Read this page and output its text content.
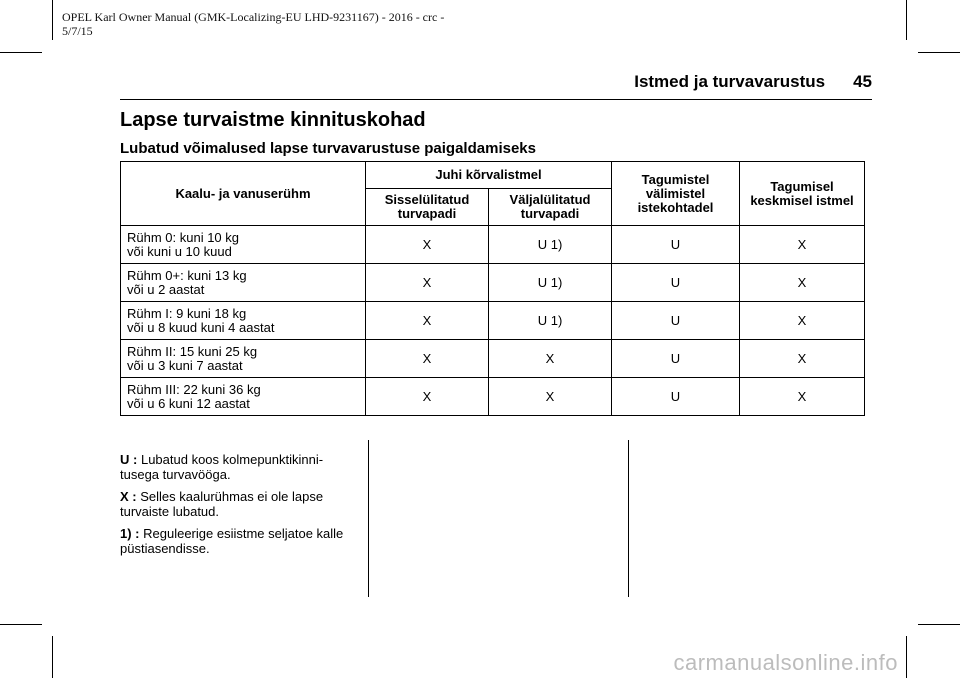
OPEL Karl Owner Manual (GMK-Localizing-EU LHD-9231167) - 2016 - crc -
5/7/15
Istmed ja turvavarustus 45
Lapse turvaistme kinnituskohad
Lubatud võimalused lapse turvavarustuse paigaldamiseks
Kaalu- ja vanuserühm	Juhi kõrvalistmel		Tagumistel välimistel istekohtadel	Tagumisel keskmisel istmel
	Sisselülitatud turvapadi	Väljalülitatud turvapadi		

Rühm 0: kuni 10 kg
või kuni u 10 kuud	X	U 1)	U	X

Rühm 0+: kuni 13 kg
või u 2 aastat	X	U 1)	U	X

Rühm I: 9 kuni 18 kg
või u 8 kuud kuni 4 aastat	X	U 1)	U	X

Rühm II: 15 kuni 25 kg
või u 3 kuni 7 aastat	X	X	U	X

Rühm III: 22 kuni 36 kg
või u 6 kuni 12 aastat	X	X	U	X

U : Lubatud koos kolmepunktikinni-tusega turvavööga.

X : Selles kaalurühmas ei ole lapse turvaiste lubatud.

1) : Reguleerige esiistme seljatoe kalle püstiasendisse.

carmanualsonline.info
